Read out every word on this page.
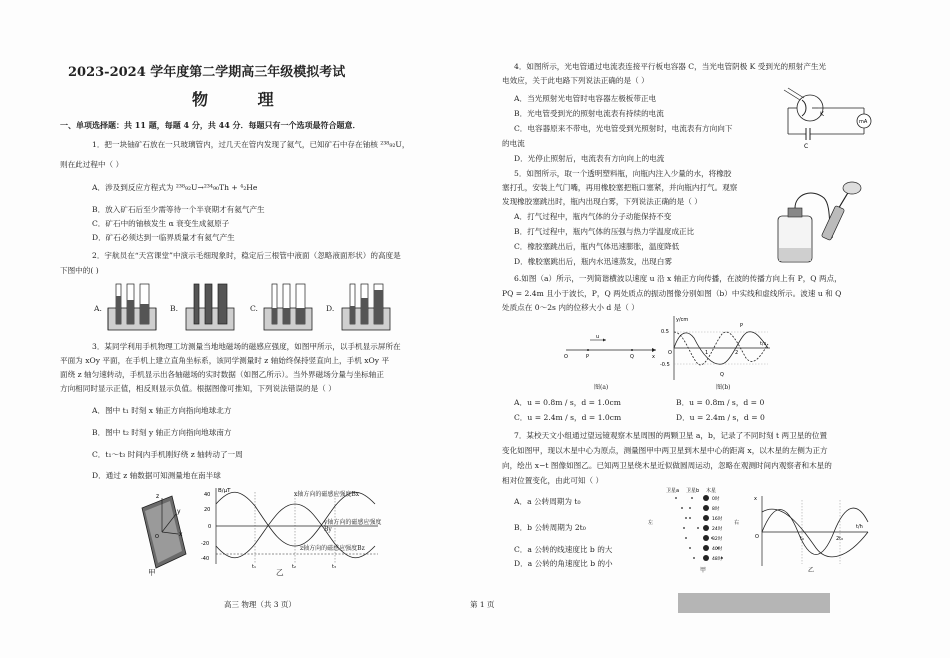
2023-2024 学年度第二学期高三年级模拟考试
物 理
一、单项选择题：共 11 题，每题 4 分，共 44 分．每题只有一个选项最符合题意．
1．把一块铀矿石放在一只玻璃管内，过几天在管内发现了氦气，已知矿石中存在铀核 ²³⁸₉₂U，
则在此过程中（ ）
A．涉及到反应方程式为 ²³⁸₉₂U→²³⁴₉₀Th + ⁴₂He
B．放入矿石后至少需等待一个半衰期才有氦气产生
C．矿石中的铀核发生 α 衰变生成氦原子
D．矿石必须达到一临界质量才有氦气产生
2．宇航员在“天宫课堂”中演示毛细现象时，稳定后三根管中液面（忽略液面形状）的高度是
下图中的( )
A.	B.	C.	D.
3．某同学利用手机物理工坊测量当地地磁场的磁感应强度，如图甲所示，以手机显示屏所在
平面为 xOy 平面，在手机上建立直角坐标系，该同学测量时 z 轴始终保持竖直向上，手机 xOy 平
面绕 z 轴匀速转动，手机显示出各轴磁场的实时数据（如图乙所示）。当外界磁场分量与坐标轴正
方向相同时显示正值，相反则显示负值。根据图像可推知，下列说法错误的是（ ）
A．图中 t₁ 时刻 x 轴正方向指向地球北方
B．图中 t₂ 时刻 y 轴正方向指向地球南方
C．t₁～t₃ 时间内手机刚好绕 z 轴转动了一周
D．通过 z 轴数据可知测量地在南半球
z
y
x
O
甲
B/μT
40
20
0
-20
-40
t₁	t₂	t₃
x轴方向的磁感应强度Bx
y轴方向的磁感应强度By
z轴方向的磁感应强度Bz
乙
4．如图所示，光电管通过电流表连接平行板电容器 C，当光电管阴极 K 受到光的照射产生光
电效应，关于此电路下列说法正确的是（ ）
A．当光照射光电管时电容器左极板带正电
B．光电管受到光的照射电流表有持续的电流
C．电容器原来不带电，光电管受到光照射时，电流表有方向向下
的电流
D．光停止照射后，电流表有方向向上的电流
K
mA
C
5．如图所示，取一个透明塑料瓶，向瓶内注入少量的水，将橡胶
塞打孔，安装上气门嘴，再用橡胶塞把瓶口塞紧，并向瓶内打气。观察
发现橡胶塞跳出时，瓶内出现白雾，下列说法正确的是（ ）
A．打气过程中，瓶内气体的分子动能保持不变
B．打气过程中，瓶内气体的压强与热力学温度成正比
C．橡胶塞跳出后，瓶内气体迅速膨胀，温度降低
D．橡胶塞跳出后，瓶内水迅速蒸发，出现白雾
6.如图（a）所示，一列简谐横波以速度 u 沿 x 轴正方向传播，在波的传播方向上有 P，Q 两点，
PQ = 2.4m 且小于波长，P，Q 两处质点的振动图像分别如图（b）中实线和虚线所示。波速 u 和 Q
处质点在 0～2s 内的位移大小 d 是（ ）
u
O	P	Q	x
图(a)
y/cm
0.5
-0.5
O
t/s
1	2
P
Q
图(b)
A．u = 0.8m / s，d = 1.0cm	B．u = 0.8m / s，d = 0
C．u = 2.4m / s，d = 1.0cm	D．u = 2.4m / s，d = 0
7．某校天文小组通过望远镜观察木星周围的两颗卫星 a，b，记录了不同时刻 t 两卫星的位置
变化如图甲，现以木星中心为原点，测量图甲中两卫星到木星中心的距离 x，以木星的左侧为正方
向，绘出 x−t 图像如图乙。已知两卫星绕木星近似做圆周运动，忽略在观测时间内观察者和木星的
相对位置变化，由此可知（ ）
A．a 公转周期为 t₀
B．b 公转周期为 2t₀
C．a 公转的线速度比 b 的大
D．a 公转的角速度比 b 的小
卫星a 卫星b 木星
左	右
0时
8时
16时
24时
32时
40时
48时
甲
x
O	t₀	2t₀
t/h
乙
高三 物理（共 3 页）	第 1 页
